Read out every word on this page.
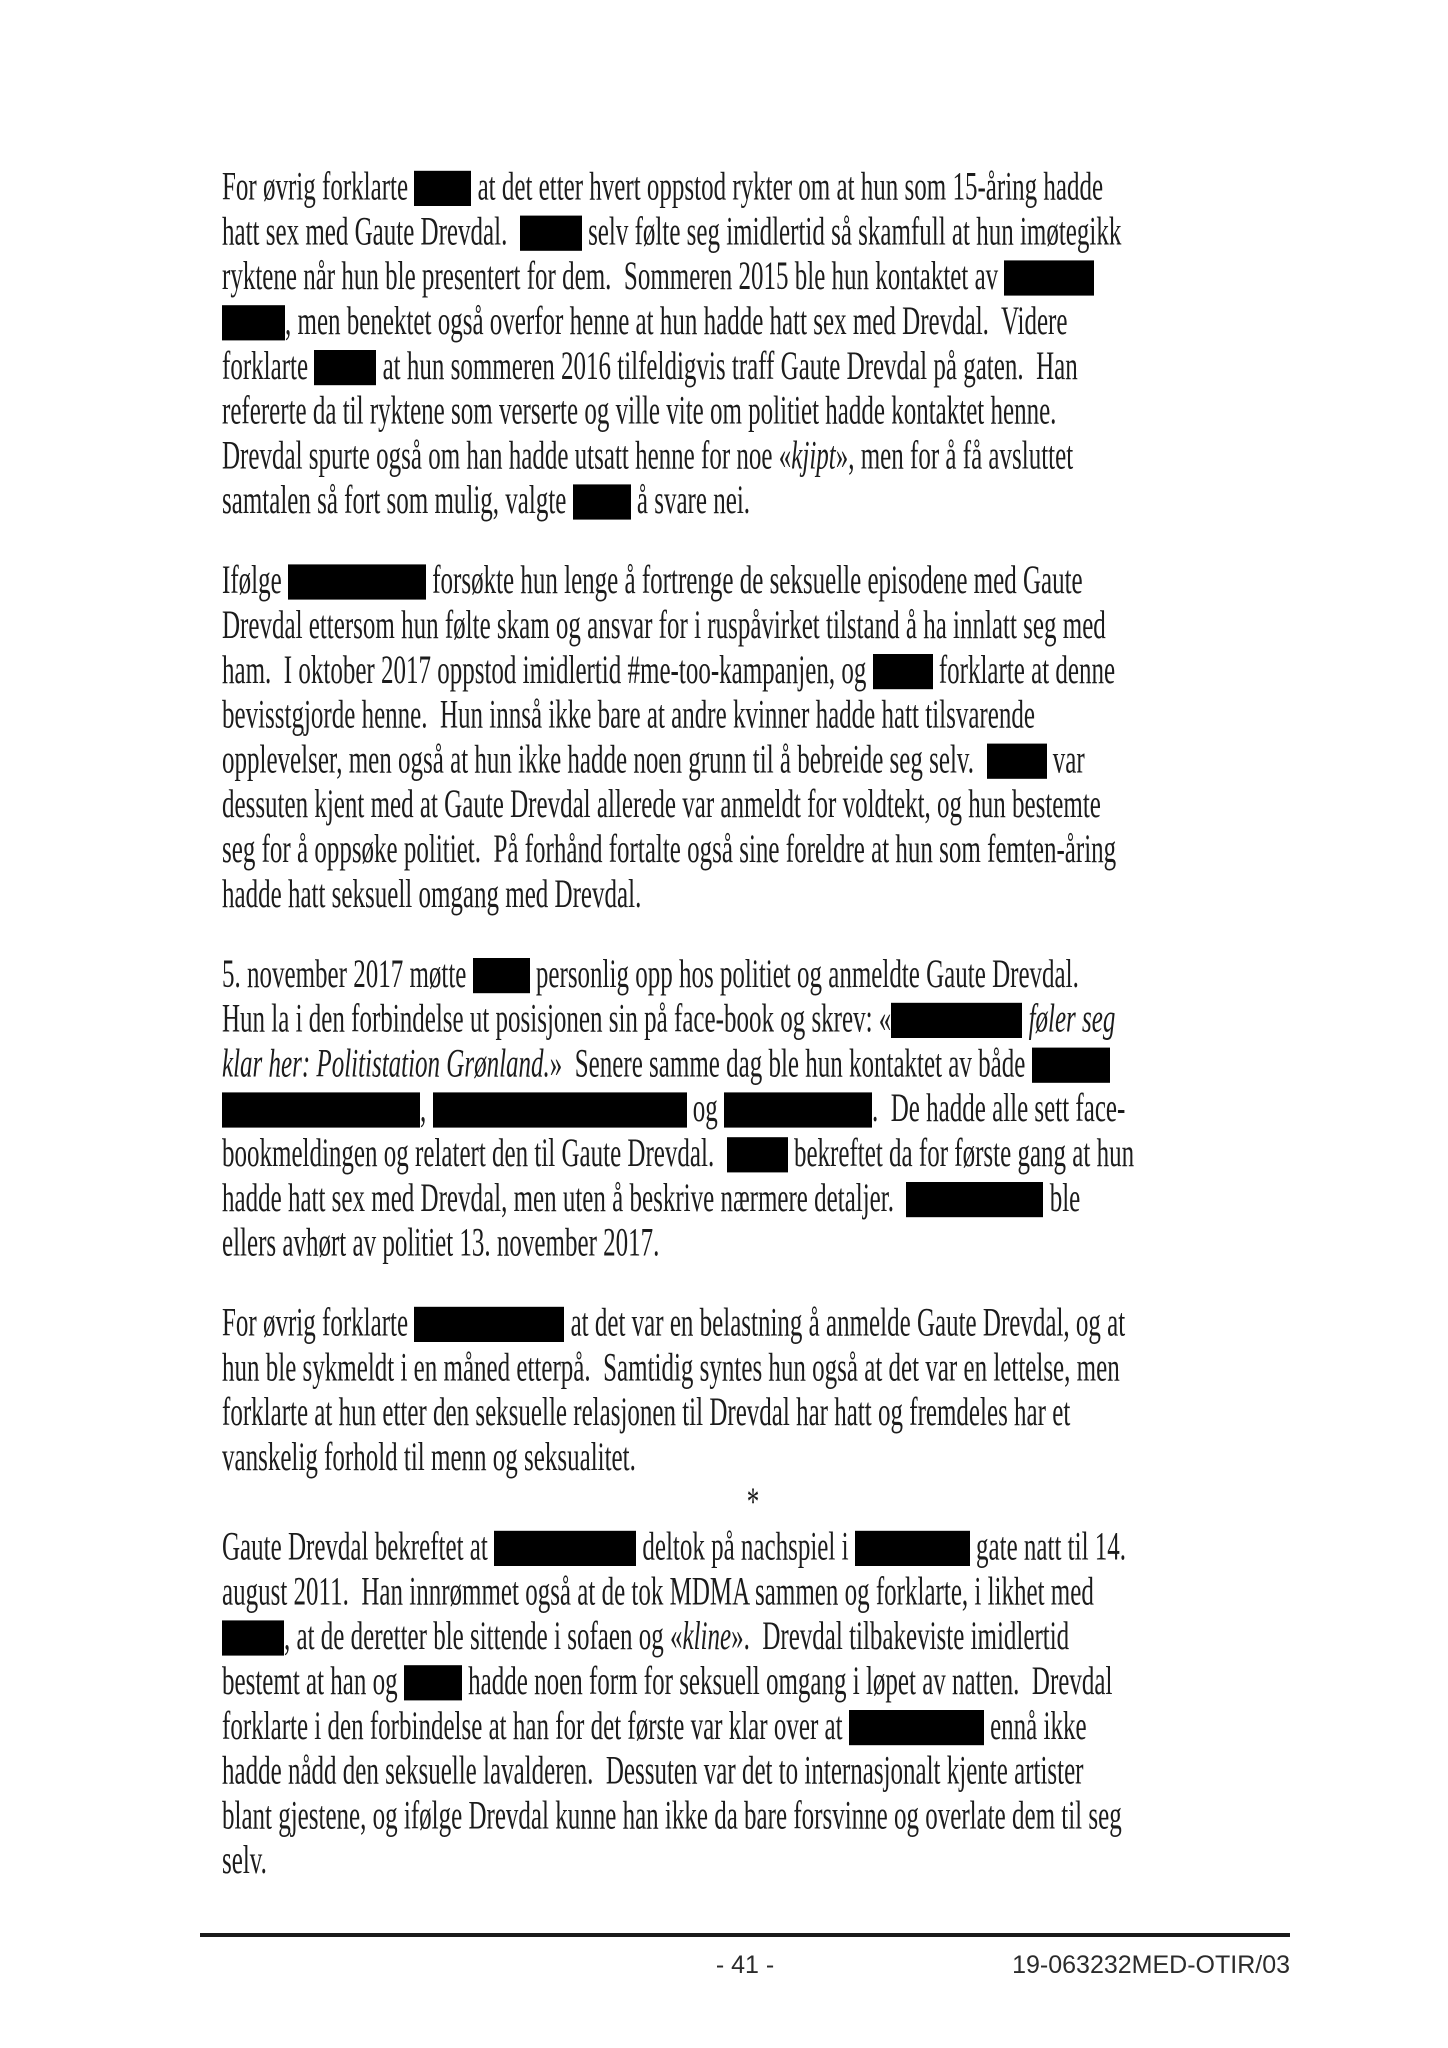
For øvrig forklarte  at det etter hvert oppstod rykter om at hun som 15-åring hadde
hatt sex med Gaute Drevdal.   selv følte seg imidlertid så skamfull at hun imøtegikk
ryktene når hun ble presentert for dem.  Sommeren 2015 ble hun kontaktet av
, men benektet også overfor henne at hun hadde hatt sex med Drevdal.  Videre
forklarte  at hun sommeren 2016 tilfeldigvis traff Gaute Drevdal på gaten.  Han
refererte da til ryktene som verserte og ville vite om politiet hadde kontaktet henne.
Drevdal spurte også om han hadde utsatt henne for noe «kjipt», men for å få avsluttet
samtalen så fort som mulig, valgte  å svare nei.
Ifølge	forsøkte hun lenge å fortrenge de seksuelle episodene med Gaute
Drevdal ettersom hun følte skam og ansvar for i ruspåvirket tilstand å ha innlatt seg med
ham.  I oktober 2017 oppstod imidlertid #me-too-kampanjen, og  forklarte at denne
bevisstgjorde henne.  Hun innså ikke bare at andre kvinner hadde hatt tilsvarende
opplevelser, men også at hun ikke hadde noen grunn til å bebreide seg selv.   var
dessuten kjent med at Gaute Drevdal allerede var anmeldt for voldtekt, og hun bestemte
seg for å oppsøke politiet.  På forhånd fortalte også sine foreldre at hun som femten-åring
hadde hatt seksuell omgang med Drevdal.
5. november 2017 møtte  personlig opp hos politiet og anmeldte Gaute Drevdal.
Hun la i den forbindelse ut posisjonen sin på face-book og skrev: «	føler seg
klar her: Politistation Grønland.»  Senere samme dag ble hun kontaktet av både
,	og	.  De hadde alle sett face-
bookmeldingen og relatert den til Gaute Drevdal.   bekreftet da for første gang at hun
hadde hatt sex med Drevdal, men uten å beskrive nærmere detaljer.	ble
ellers avhørt av politiet 13. november 2017.
For øvrig forklarte	at det var en belastning å anmelde Gaute Drevdal, og at
hun ble sykmeldt i en måned etterpå.  Samtidig syntes hun også at det var en lettelse, men
forklarte at hun etter den seksuelle relasjonen til Drevdal har hatt og fremdeles har et
vanskelig forhold til menn og seksualitet.
*
Gaute Drevdal bekreftet at	deltok på nachspiel i	gate natt til 14.
august 2011.  Han innrømmet også at de tok MDMA sammen og forklarte, i likhet med
, at de deretter ble sittende i sofaen og «kline».  Drevdal tilbakeviste imidlertid
bestemt at han og  hadde noen form for seksuell omgang i løpet av natten.  Drevdal
forklarte i den forbindelse at han for det første var klar over at	ennå ikke
hadde nådd den seksuelle lavalderen.  Dessuten var det to internasjonalt kjente artister
blant gjestene, og ifølge Drevdal kunne han ikke da bare forsvinne og overlate dem til seg
selv.
- 41 -	19-063232MED-OTIR/03
